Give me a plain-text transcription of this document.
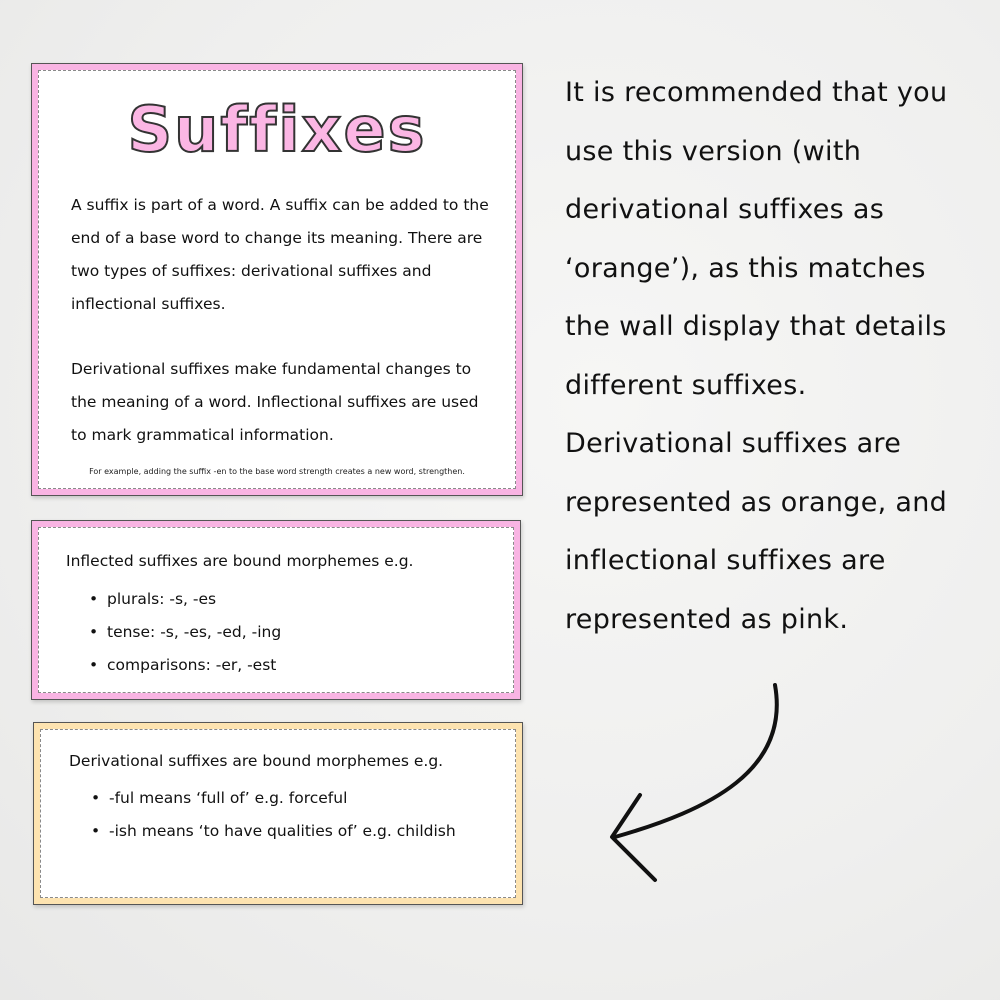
Suffixes

A suffix is part of a word. A suffix can be added to the end of a base word to change its meaning. There are two types of suffixes: derivational suffixes and inflectional suffixes.

Derivational suffixes make fundamental changes to the meaning of a word. Inflectional suffixes are used to mark grammatical information.

For example, adding the suffix -en to the base word strength creates a new word, strengthen.

Inflected suffixes are bound morphemes e.g.

• plurals: -s, -es
• tense: -s, -es, -ed, -ing
• comparisons: -er, -est

Derivational suffixes are bound morphemes e.g.

• -ful means ‘full of’ e.g. forceful
• -ish means ‘to have qualities of’ e.g. childish

It is recommended that you
use this version (with
derivational suffixes as
‘orange’), as this matches
the wall display that details
different suffixes.
Derivational suffixes are
represented as orange, and
inflectional suffixes are
represented as pink.
